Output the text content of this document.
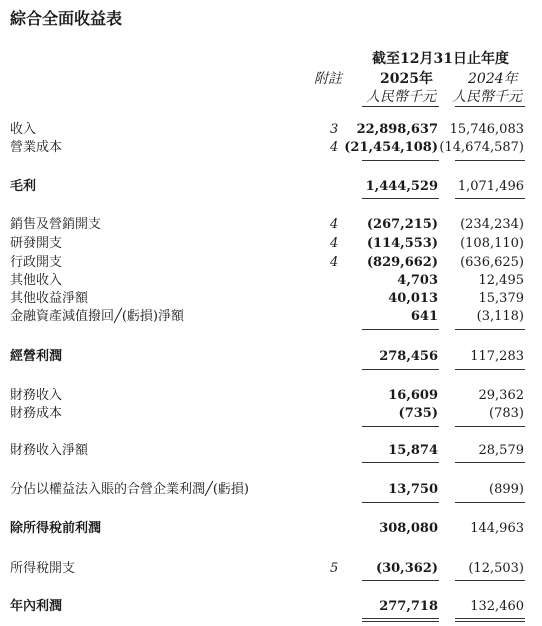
綜合全面收益表
截至12月31日止年度
附註	2025年	2024年
人民幣千元 人民幣千元
收入	3 22,898,637 15,746,083
營業成本	4 (21,454,108) (14,674,587)
毛利	1,444,529 1,071,496
銷售及營銷開支	4 (267,215) (234,234)
研發開支	4 (114,553) (108,110)
行政開支	4 (829,662) (636,625)
其他收入	4,703	12,495
其他收益淨額	40,013	15,379
金融資產減值撥回╱(虧損)淨額	641	(3,118)
經營利潤	278,456 117,283
財務收入	16,609	29,362
財務成本	(735)	(783)
財務收入淨額	15,874	28,579
分佔以權益法入賬的合營企業利潤╱(虧損)	13,750	(899)
除所得稅前利潤	308,080 144,963
所得稅開支	5	(30,362) (12,503)
年內利潤	277,718 132,460
